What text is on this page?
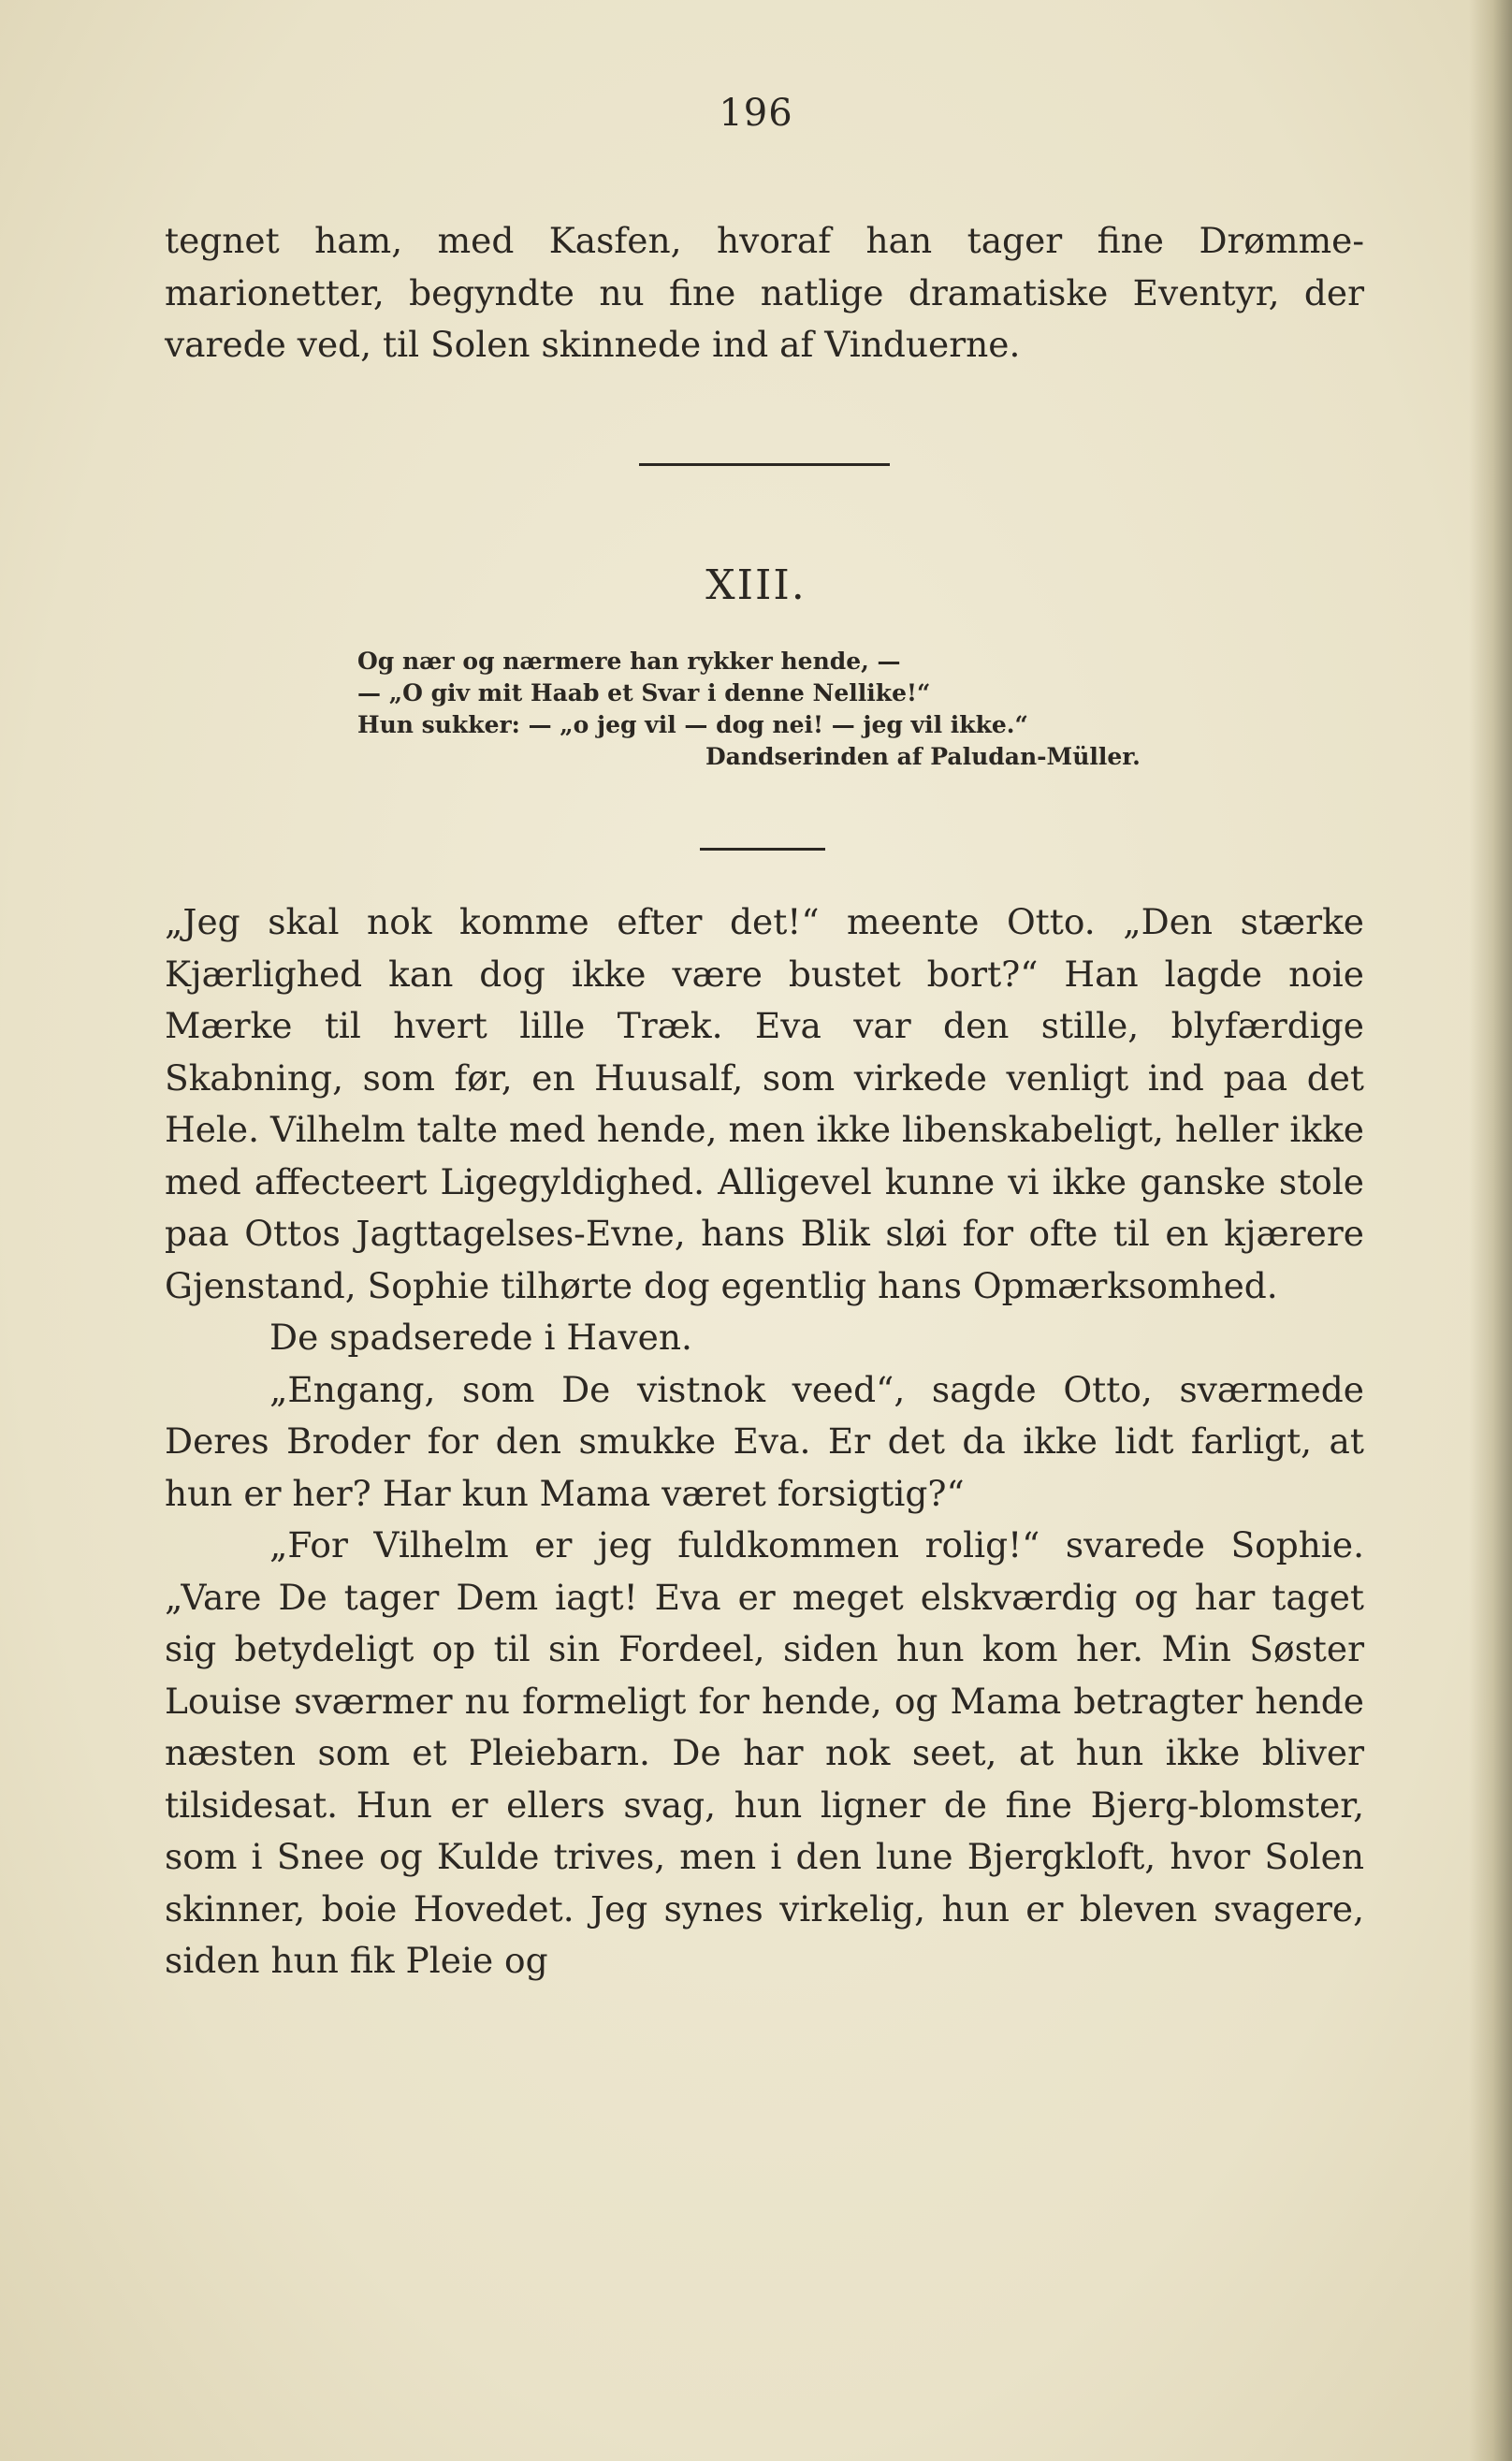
196

tegnet ham, med Kasfen, hvoraf han tager fine Drømme-marionetter, begyndte nu fine natlige dramatiske Eventyr, der varede ved, til Solen skinnede ind af Vinduerne.

XIII.
Og nær og nærmere han rykker hende, —
— „O giv mit Haab et Svar i denne Nellike!“
Hun sukker: — „o jeg vil — dog nei! — jeg vil ikke.“
Dandserinden af Paludan-Müller.

„Jeg skal nok komme efter det!“ meente Otto. „Den stærke Kjærlighed kan dog ikke være bustet bort?“ Han lagde noie Mærke til hvert lille Træk. Eva var den stille, blyfærdige Skabning, som før, en Huusalf, som virkede venligt ind paa det Hele. Vilhelm talte med hende, men ikke libenskabeligt, heller ikke med affecteert Ligegyldighed. Alligevel kunne vi ikke ganske stole paa Ottos Jagttagelses-Evne, hans Blik sløi for ofte til en kjærere Gjenstand, Sophie tilhørte dog egentlig hans Opmærksomhed.

De spadserede i Haven.

„Engang, som De vistnok veed“, sagde Otto, sværmede Deres Broder for den smukke Eva. Er det da ikke lidt farligt, at hun er her? Har kun Mama været forsigtig?“

„For Vilhelm er jeg fuldkommen rolig!“ svarede Sophie. „Vare De tager Dem iagt! Eva er meget elskværdig og har taget sig betydeligt op til sin Fordeel, siden hun kom her. Min Søster Louise sværmer nu formeligt for hende, og Mama betragter hende næsten som et Pleiebarn. De har nok seet, at hun ikke bliver tilsidesat. Hun er ellers svag, hun ligner de fine Bjerg-blomster, som i Snee og Kulde trives, men i den lune Bjergkloft, hvor Solen skinner, boie Hovedet. Jeg synes virkelig, hun er bleven svagere, siden hun fik Pleie og
